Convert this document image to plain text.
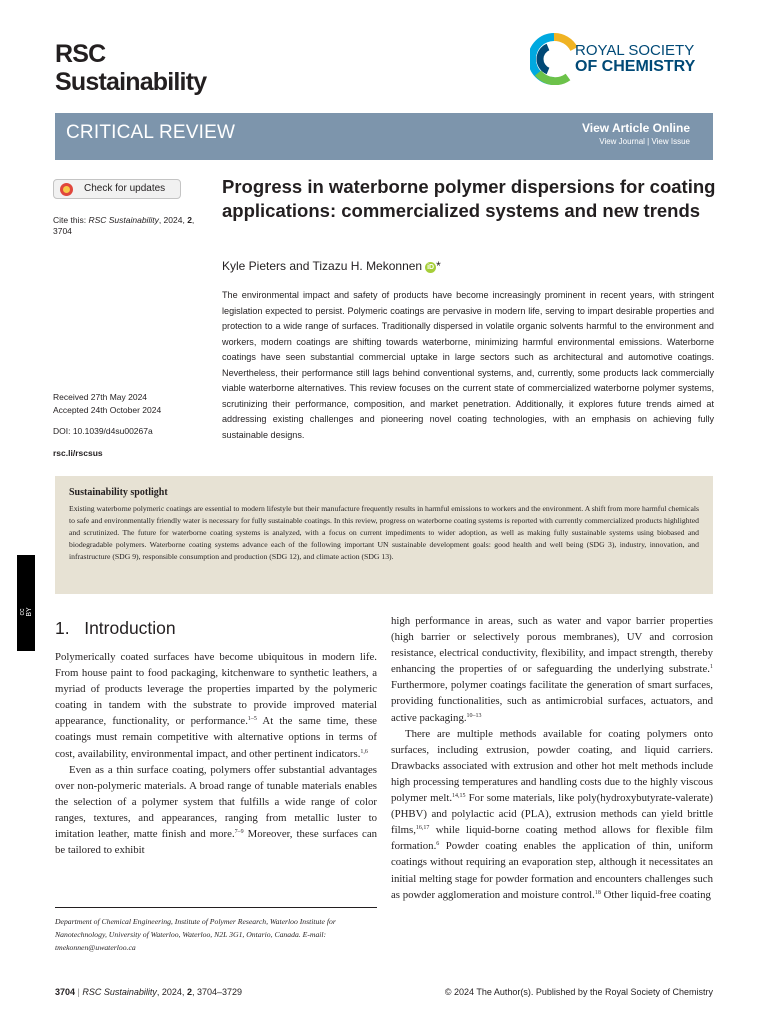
RSC
Sustainability
ROYAL SOCIETY
OF CHEMISTRY
CRITICAL REVIEW	View Article Online
View Journal | View Issue
Check for updates
Cite this: RSC Sustainability, 2024, 2, 3704
Received 27th May 2024
Accepted 24th October 2024
DOI: 10.1039/d4su00267a
rsc.li/rscsus
Progress in waterborne polymer dispersions for coating applications: commercialized systems and new trends
Kyle Pieters and Tizazu H. Mekonnen iD *
The environmental impact and safety of products have become increasingly prominent in recent years, with stringent legislation expected to persist. Polymeric coatings are pervasive in modern life, serving to impart desirable properties and protection to a wide range of surfaces. Traditionally dispersed in volatile organic solvents harmful to the environment and workers, modern coatings are shifting towards waterborne, minimizing harmful environmental emissions. Waterborne coatings have seen substantial commercial uptake in large sectors such as architectural and automotive coatings. Nevertheless, their performance still lags behind conventional systems, and, currently, some products lack commercially viable waterborne alternatives. This review focuses on the current state of commercialized waterborne polymer systems, scrutinizing their performance, composition, and market penetration. Additionally, it explores future trends aimed at addressing existing challenges and pioneering novel coating technologies, with an emphasis on achieving fully sustainable designs.
Sustainability spotlight
Existing waterborne polymeric coatings are essential to modern lifestyle but their manufacture frequently results in harmful emissions to workers and the environment. A shift from more harmful chemicals to safe and environmentally friendly water is necessary for fully sustainable coatings. In this review, progress on waterborne coating systems is reported with currently commercialized products highlighted and scrutinized. The future for waterborne coating systems is analyzed, with a focus on current impediments to wider adoption, as well as making fully sustainable systems using biobased and biodegradable polymers. Waterborne coating systems advance each of the following important UN sustainable development goals: good health and well being (SDG 3), industry, innovation, and infrastructure (SDG 9), responsible consumption and production (SDG 12), and climate action (SDG 13).
cc BY
1. Introduction

Polymerically coated surfaces have become ubiquitous in modern life. From house paint to food packaging, kitchenware to synthetic leathers, a myriad of products leverage the properties imparted by the polymeric coating in tandem with the substrate to provide improved material appearance, functionality, or performance.$^{1-5}$ At the same time, these coatings must remain competitive with alternative options in terms of cost, availability, environmental impact, and other pertinent indicators.$^{1,6}$

Even as a thin surface coating, polymers offer substantial advantages over non-polymeric materials. A broad range of tunable materials enables the selection of a polymer system that fulfills a wide range of color ranges, textures, and appearances, ranging from metallic luster to imitation leather, matte finish and more.$^{7-9}$ Moreover, these surfaces can be tailored to exhibit

high performance in areas, such as water and vapor barrier properties (high barrier or selectively porous membranes), UV and corrosion resistance, electrical conductivity, flexibility, and impact strength, thereby enhancing the properties of or safeguarding the underlying substrate.$^1$ Furthermore, polymer coatings facilitate the generation of smart surfaces, providing functionalities, such as antimicrobial surfaces, actuators, and active packaging.$^{10-13}$

There are multiple methods available for coating polymers onto surfaces, including extrusion, powder coating, and liquid carriers. Drawbacks associated with extrusion and other hot melt methods include high processing temperatures and handling costs due to the highly viscous polymer melt.$^{14,15}$ For some materials, like poly(hydroxybutyrate-valerate) (PHBV) and polylactic acid (PLA), extrusion methods can yield brittle films,$^{16,17}$ while liquid-borne coating method allows for flexible film formation.$^6$ Powder coating enables the application of thin, uniform coatings without requiring an evaporation step, although it necessitates an initial melting stage for powder formation and encounters challenges such as powder agglomeration and moisture control.$^{18}$ Other liquid-free coating

Department of Chemical Engineering, Institute of Polymer Research, Waterloo Institute for Nanotechnology, University of Waterloo, Waterloo, N2L 3G1, Ontario, Canada. E-mail: tmekonnen@uwaterloo.ca
3704 | RSC Sustainability, 2024, 2, 3704–3729	© 2024 The Author(s). Published by the Royal Society of Chemistry
